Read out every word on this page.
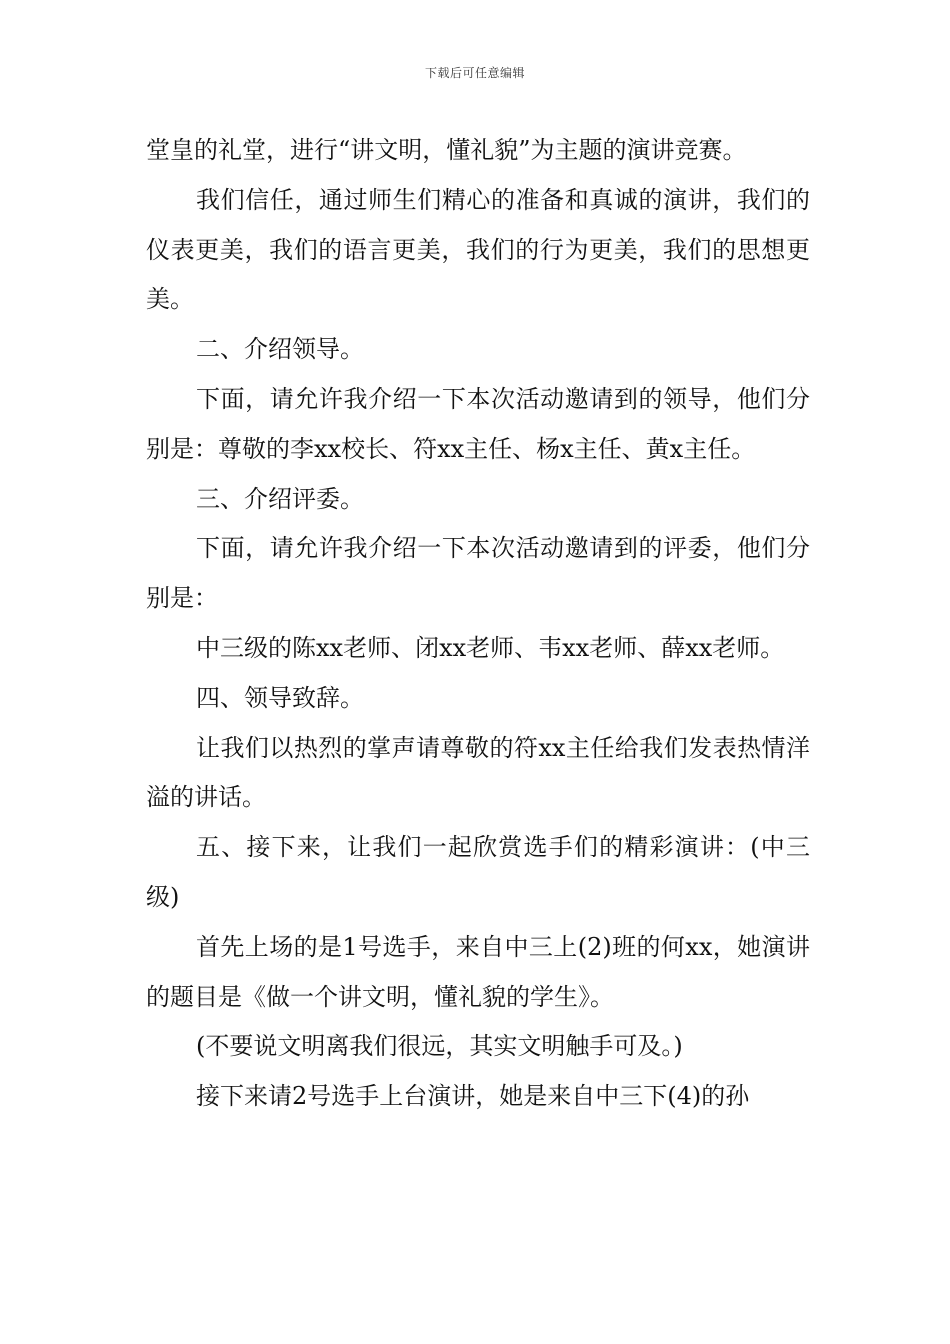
下载后可任意编辑

堂皇的礼堂，进行“讲文明，懂礼貌”为主题的演讲竞赛。

我们信任，通过师生们精心的准备和真诚的演讲，我们的仪表更美，我们的语言更美，我们的行为更美，我们的思想更美。

二、介绍领导。

下面，请允许我介绍一下本次活动邀请到的领导，他们分别是：尊敬的李xx校长、符xx主任、杨x主任、黄x主任。

三、介绍评委。

下面，请允许我介绍一下本次活动邀请到的评委，他们分别是：

中三级的陈xx老师、闭xx老师、韦xx老师、薛xx老师。

四、领导致辞。

让我们以热烈的掌声请尊敬的符xx主任给我们发表热情洋溢的讲话。

五、接下来，让我们一起欣赏选手们的精彩演讲：(中三级)

首先上场的是1号选手，来自中三上(2)班的何xx，她演讲的题目是《做一个讲文明，懂礼貌的学生》。

(不要说文明离我们很远，其实文明触手可及。)

接下来请2号选手上台演讲，她是来自中三下(4)的孙
